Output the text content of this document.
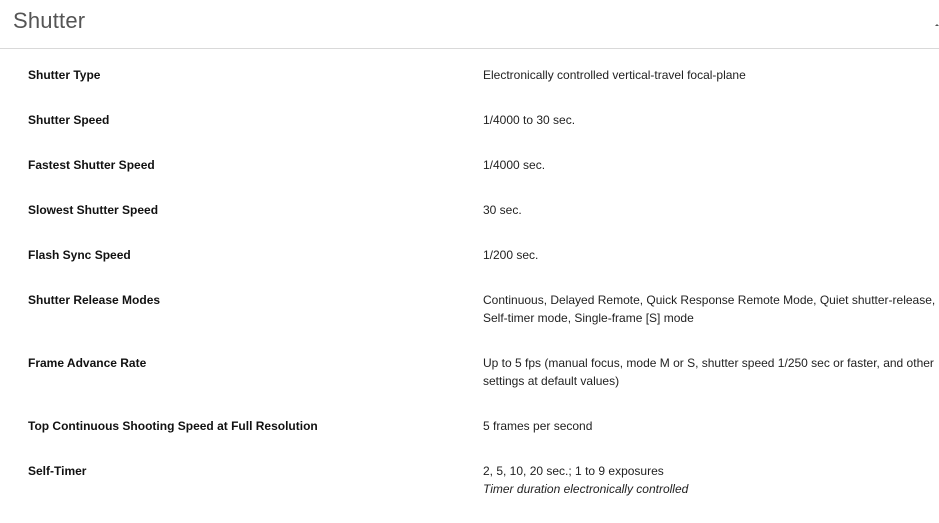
Shutter
Shutter Type	Electronically controlled vertical-travel focal-plane
Shutter Speed	1/4000 to 30 sec.
Fastest Shutter Speed	1/4000 sec.
Slowest Shutter Speed	30 sec.
Flash Sync Speed	1/200 sec.
Shutter Release Modes	Continuous, Delayed Remote, Quick Response Remote Mode, Quiet shutter-release, Self-timer mode, Single-frame [S] mode
Frame Advance Rate	Up to 5 fps (manual focus, mode M or S, shutter speed 1/250 sec or faster, and other settings at default values)
Top Continuous Shooting Speed at Full Resolution	5 frames per second
Self-Timer	2, 5, 10, 20 sec.; 1 to 9 exposures
Timer duration electronically controlled
